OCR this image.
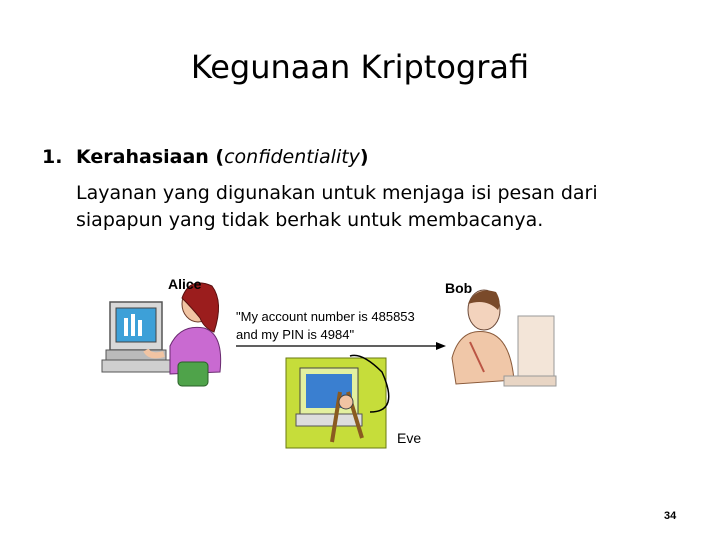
Kegunaan Kriptografi
1. Kerahasiaan (confidentiality)
Layanan yang digunakan untuk menjaga isi pesan dari siapapun yang tidak berhak untuk membacanya.
Alice	Bob
"My account number is 485853
and my PIN is 4984"
Eve
34
